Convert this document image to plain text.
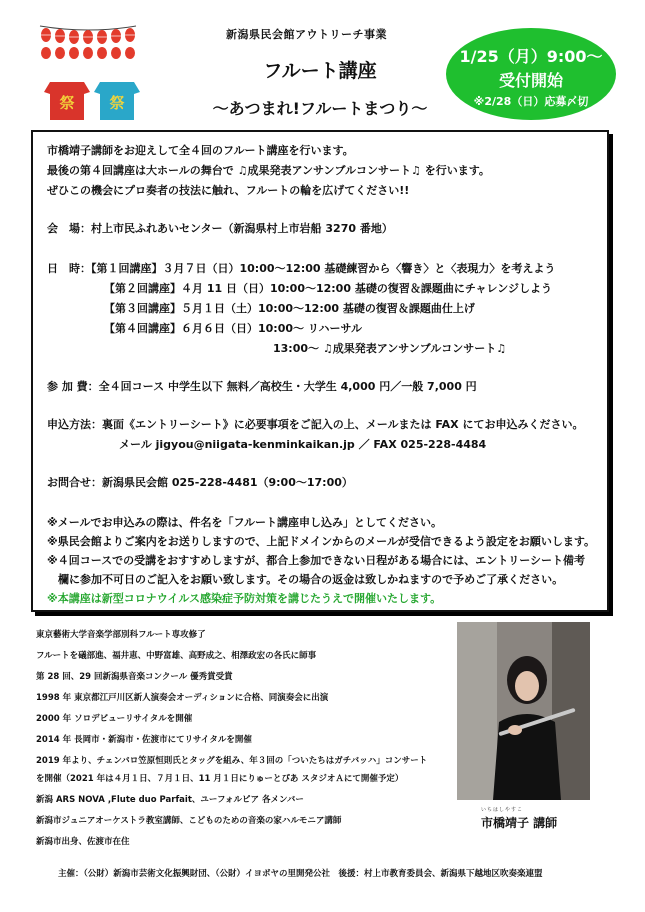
祭 祭
新潟県民会館アウトリーチ事業
フルート講座
～あつまれ!フルートまつり～
1/25（月）9:00～
受付開始
※2/28（日）応募〆切
市橋靖子講師をお迎えして全４回のフルート講座を行います。
最後の第４回講座は大ホールの舞台で ♫成果発表アンサンブルコンサート♫ を行います。
ぜひこの機会にプロ奏者の技法に触れ、フルートの輪を広げてください!!
会　場：村上市民ふれあいセンター（新潟県村上市岩船 3270 番地）
日　時：【第１回講座】３月７日（日）10:00～12:00 基礎練習から〈響き〉と〈表現力〉を考えよう
【第２回講座】４月 11 日（日）10:00～12:00 基礎の復習＆課題曲にチャレンジしよう
【第３回講座】５月１日（土）10:00～12:00 基礎の復習＆課題曲仕上げ
【第４回講座】６月６日（日）10:00～ リハーサル
13:00～ ♫成果発表アンサンブルコンサート♫
参 加 費：全４回コース 中学生以下 無料／高校生・大学生 4,000 円／一般 7,000 円
申込方法：裏面《エントリーシート》に必要事項をご記入の上、メールまたは FAX にてお申込みください。
メール jigyou@niigata-kenminkaikan.jp ／ FAX 025-228-4484
お問合せ：新潟県民会館 025-228-4481（9:00～17:00）
※メールでお申込みの際は、件名を「フルート講座申し込み」としてください。
※県民会館よりご案内をお送りしますので、上記ドメインからのメールが受信できるよう設定をお願いします。
※４回コースでの受講をおすすめしますが、都合上参加できない日程がある場合には、エントリーシート備考
　欄に参加不可日のご記入をお願い致します。その場合の返金は致しかねますので予めご了承ください。
※本講座は新型コロナウイルス感染症予防対策を講じたうえで開催いたします。
東京藝術大学音楽学部別科フルート専攻修了
フルートを礒部進、福井恵、中野富雄、高野成之、相澤政宏の各氏に師事
第 28 回、29 回新潟県音楽コンクール 優秀賞受賞
1998 年 東京都江戸川区新人演奏会オーディションに合格、同演奏会に出演
2000 年 ソロデビューリサイタルを開催
2014 年 長岡市・新潟市・佐渡市にてリサイタルを開催
2019 年より、チェンバロ笠原恒則氏とタッグを組み、年３回の「ついたちはガチバッハ」コンサート
を開催（2021 年は４月１日、７月１日、11 月１日にりゅーとぴあ スタジオＡにて開催予定）
新潟 ARS NOVA ,Flute duo Parfait、ユーフォルピア 各メンバー
新潟市ジュニアオーケストラ教室講師、こどものための音楽の家ハルモニア講師
新潟市出身、佐渡市在住
いちはしやすこ
市橋靖子 講師
主催：（公財）新潟市芸術文化振興財団、（公財）イヨボヤの里開発公社　後援：村上市教育委員会、新潟県下越地区吹奏楽連盟
